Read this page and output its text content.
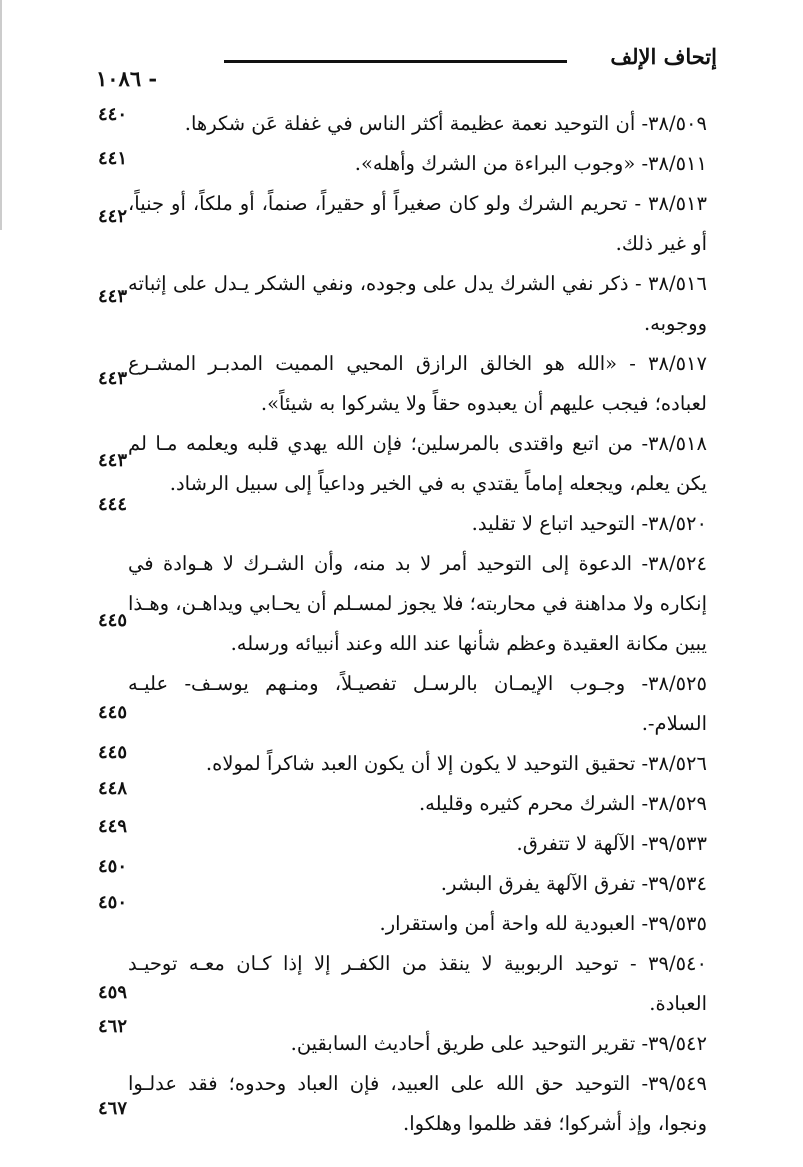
إتحاف الإلف
- ١٠٨٦
٣٨/٥٠٩- أن التوحيد نعمة عظيمة أكثر الناس في غفلة عَن شكرها.
٤٤٠
٣٨/٥١١- «وجوب البراءة من الشرك وأهله».
٤٤١
٣٨/٥١٣ - تحريم الشرك ولو كان صغيراً أو حقيراً، صنماً، أو ملكاً، أو جنياً، أو غير ذلك.
٤٤٢
٣٨/٥١٦ - ذكر نفي الشرك يدل على وجوده، ونفي الشكر يـدل على إثباته ووجوبه.
٤٤٣
٣٨/٥١٧ - «الله هو الخالق الرازق المحيي المميت المدبـر المشـرع لعباده؛ فيجب عليهم أن يعبدوه حقاً ولا يشركوا به شيئاً».
٤٤٣
٣٨/٥١٨- من اتبع واقتدى بالمرسلين؛ فإن الله يهدي قلبه ويعلمه مـا لم يكن يعلم، ويجعله إماماً يقتدي به في الخير وداعياً إلى سبيل الرشاد.
٤٤٣
٣٨/٥٢٠- التوحيد اتباع لا تقليد.
٤٤٤
٣٨/٥٢٤- الدعوة إلى التوحيد أمر لا بد منه، وأن الشـرك لا هـوادة في إنكاره ولا مداهنة في محاربته؛ فلا يجوز لمسـلم أن يحـابي ويداهـن، وهـذا يبين مكانة العقيدة وعظم شأنها عند الله وعند أنبيائه ورسله.
٤٤٥
٣٨/٥٢٥- وجـوب الإيمـان بالرسـل تفصيـلاً، ومنـهم يوسـف- عليـه السلام-.
٤٤٥
٣٨/٥٢٦- تحقيق التوحيد لا يكون إلا أن يكون العبد شاكراً لمولاه.
٤٤٥
٣٨/٥٢٩- الشرك محرم كثيره وقليله.
٤٤٨
٣٩/٥٣٣- الآلهة لا تتفرق.
٤٤٩
٣٩/٥٣٤- تفرق الآلهة يفرق البشر.
٤٥٠
٣٩/٥٣٥- العبودية لله واحة أمن واستقرار.
٤٥٠
٣٩/٥٤٠ - توحيد الربوبية لا ينقذ من الكفـر إلا إذا كـان معـه توحيـد العبادة.
٤٥٩
٣٩/٥٤٢- تقرير التوحيد على طريق أحاديث السابقين.
٤٦٢
٣٩/٥٤٩- التوحيد حق الله على العبيد، فإن العباد وحدوه؛ فقد عدلـوا ونجوا، وإذ أشركوا؛ فقد ظلموا وهلكوا.
٤٦٧
